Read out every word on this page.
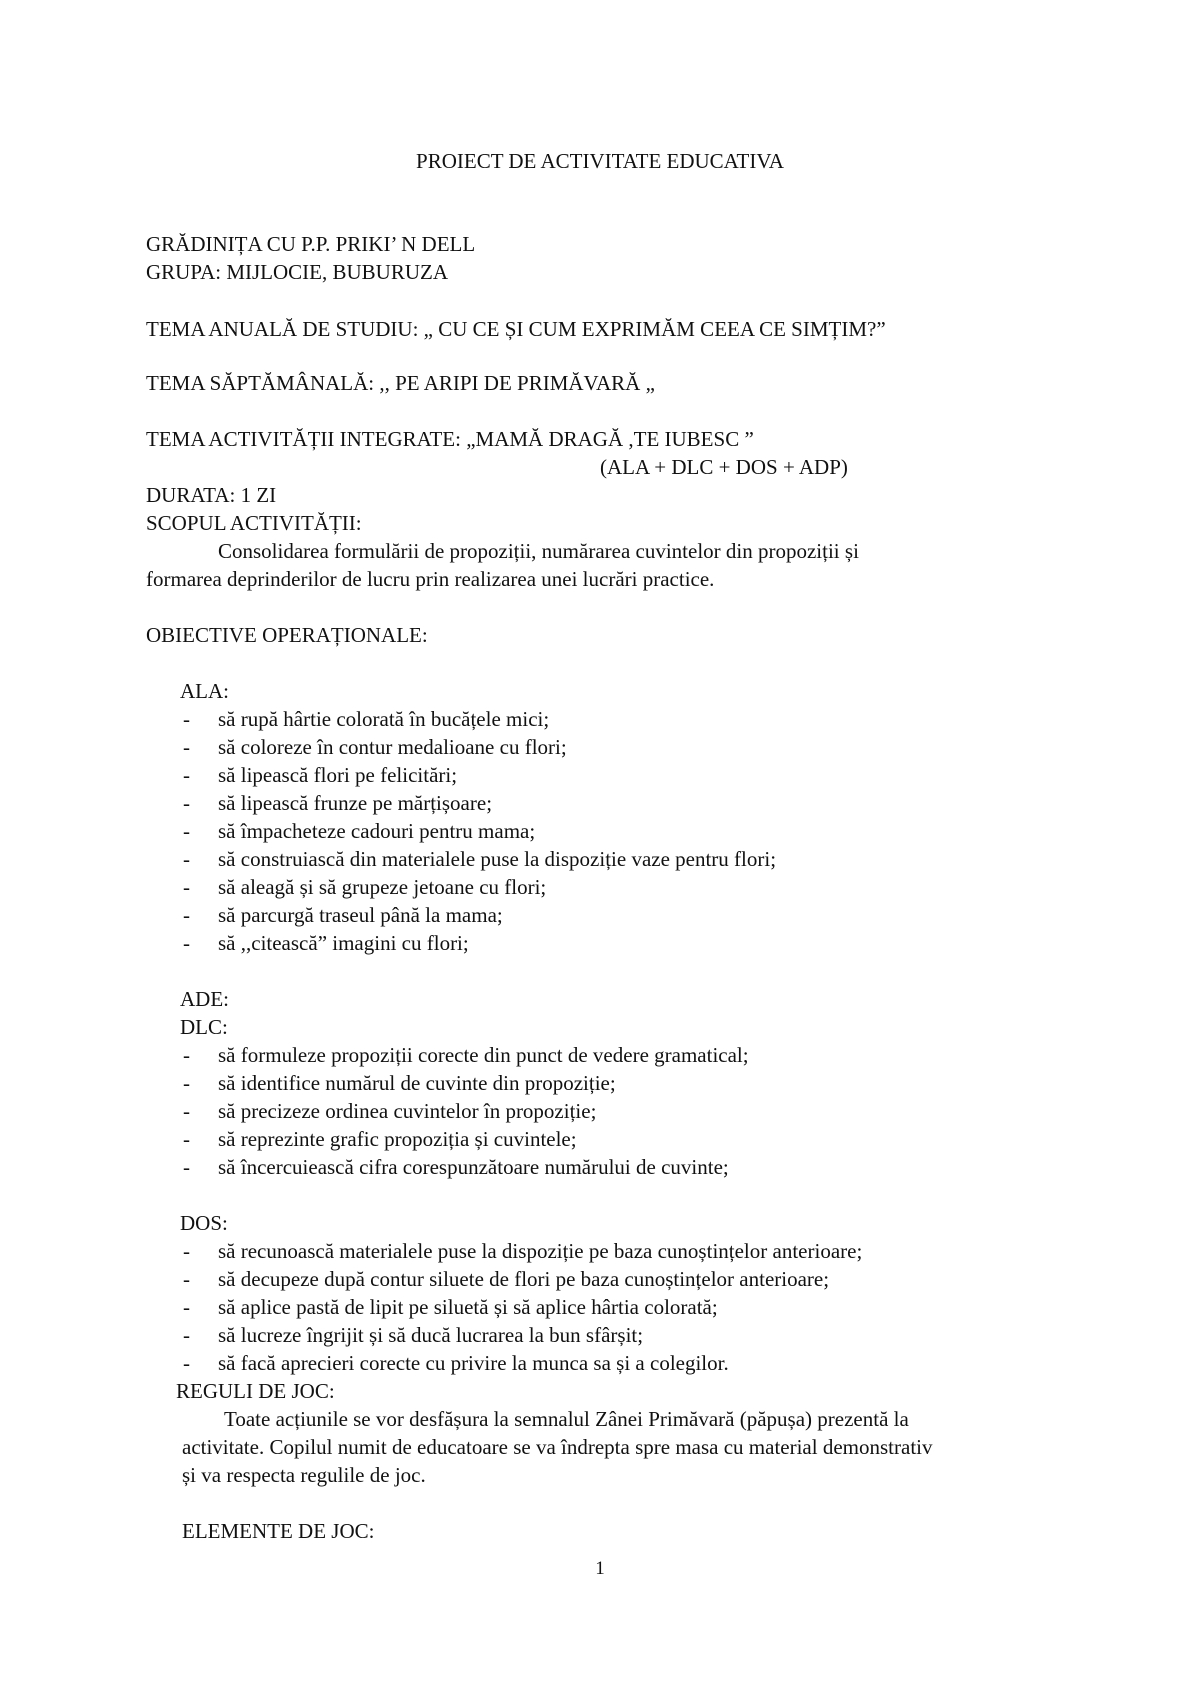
PROIECT DE ACTIVITATE EDUCATIVA
GRĂDINIȚA CU P.P. PRIKI’ N DELL
GRUPA: MIJLOCIE, BUBURUZA
TEMA ANUALĂ DE STUDIU: „ CU CE ȘI CUM EXPRIMĂM CEEA CE SIMȚIM?”
TEMA SĂPTĂMÂNALĂ: ,, PE ARIPI DE PRIMĂVARĂ „
TEMA ACTIVITĂȚII INTEGRATE: „MAMĂ DRAGĂ ,TE IUBESC ”
(ALA + DLC + DOS + ADP)
DURATA: 1 ZI
SCOPUL ACTIVITĂȚII:
Consolidarea formulării de propoziții, numărarea cuvintelor din propoziții și
formarea deprinderilor de lucru prin realizarea unei lucrări practice.
OBIECTIVE OPERAȚIONALE:
ALA:
- să rupă hârtie colorată în bucățele mici;
- să coloreze în contur medalioane cu flori;
- să lipească flori pe felicitări;
- să lipească frunze pe mărțișoare;
- să împacheteze cadouri pentru mama;
- să construiască din materialele puse la dispoziție vaze pentru flori;
- să aleagă și să grupeze jetoane cu flori;
- să parcurgă traseul până la mama;
- să ,,citească” imagini cu flori;
ADE:
DLC:
- să formuleze propoziții corecte din punct de vedere gramatical;
- să identifice numărul de cuvinte din propoziție;
- să precizeze ordinea cuvintelor în propoziție;
- să reprezinte grafic propoziția și cuvintele;
- să încercuiească cifra corespunzătoare numărului de cuvinte;
DOS:
- să recunoască materialele puse la dispoziție pe baza cunoștințelor anterioare;
- să decupeze după contur siluete de flori pe baza cunoștințelor anterioare;
- să aplice pastă de lipit pe siluetă și să aplice hârtia colorată;
- să lucreze îngrijit și să ducă lucrarea la bun sfârșit;
- să facă aprecieri corecte cu privire la munca sa și a colegilor.
REGULI DE JOC:
Toate acțiunile se vor desfășura la semnalul Zânei Primăvară (păpușa) prezentă la
activitate. Copilul numit de educatoare se va îndrepta spre masa cu material demonstrativ
și va respecta regulile de joc.
ELEMENTE DE JOC:
1
